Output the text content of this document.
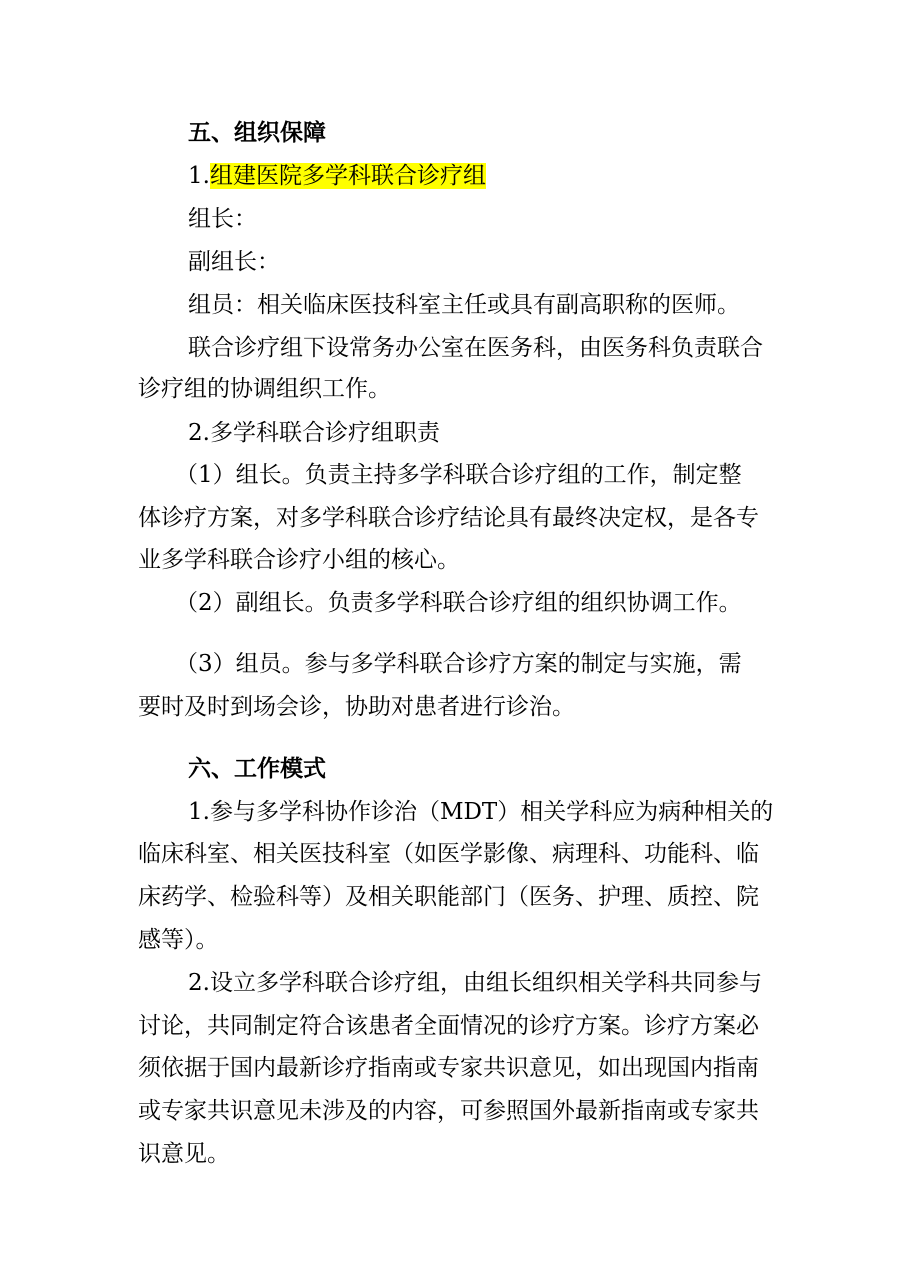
五、组织保障

1.组建医院多学科联合诊疗组

组长：

副组长：

组员：相关临床医技科室主任或具有副高职称的医师。

联合诊疗组下设常务办公室在医务科，由医务科负责联合

诊疗组的协调组织工作。

2.多学科联合诊疗组职责

（1）组长。负责主持多学科联合诊疗组的工作，制定整

体诊疗方案，对多学科联合诊疗结论具有最终决定权，是各专

业多学科联合诊疗小组的核心。

（2）副组长。负责多学科联合诊疗组的组织协调工作。

（3）组员。参与多学科联合诊疗方案的制定与实施，需

要时及时到场会诊，协助对患者进行诊治。

六、工作模式

1.参与多学科协作诊治（MDT）相关学科应为病种相关的

临床科室、相关医技科室（如医学影像、病理科、功能科、临

床药学、检验科等）及相关职能部门（医务、护理、质控、院

感等）。

2.设立多学科联合诊疗组，由组长组织相关学科共同参与

讨论，共同制定符合该患者全面情况的诊疗方案。诊疗方案必

须依据于国内最新诊疗指南或专家共识意见，如出现国内指南

或专家共识意见未涉及的内容，可参照国外最新指南或专家共

识意见。
